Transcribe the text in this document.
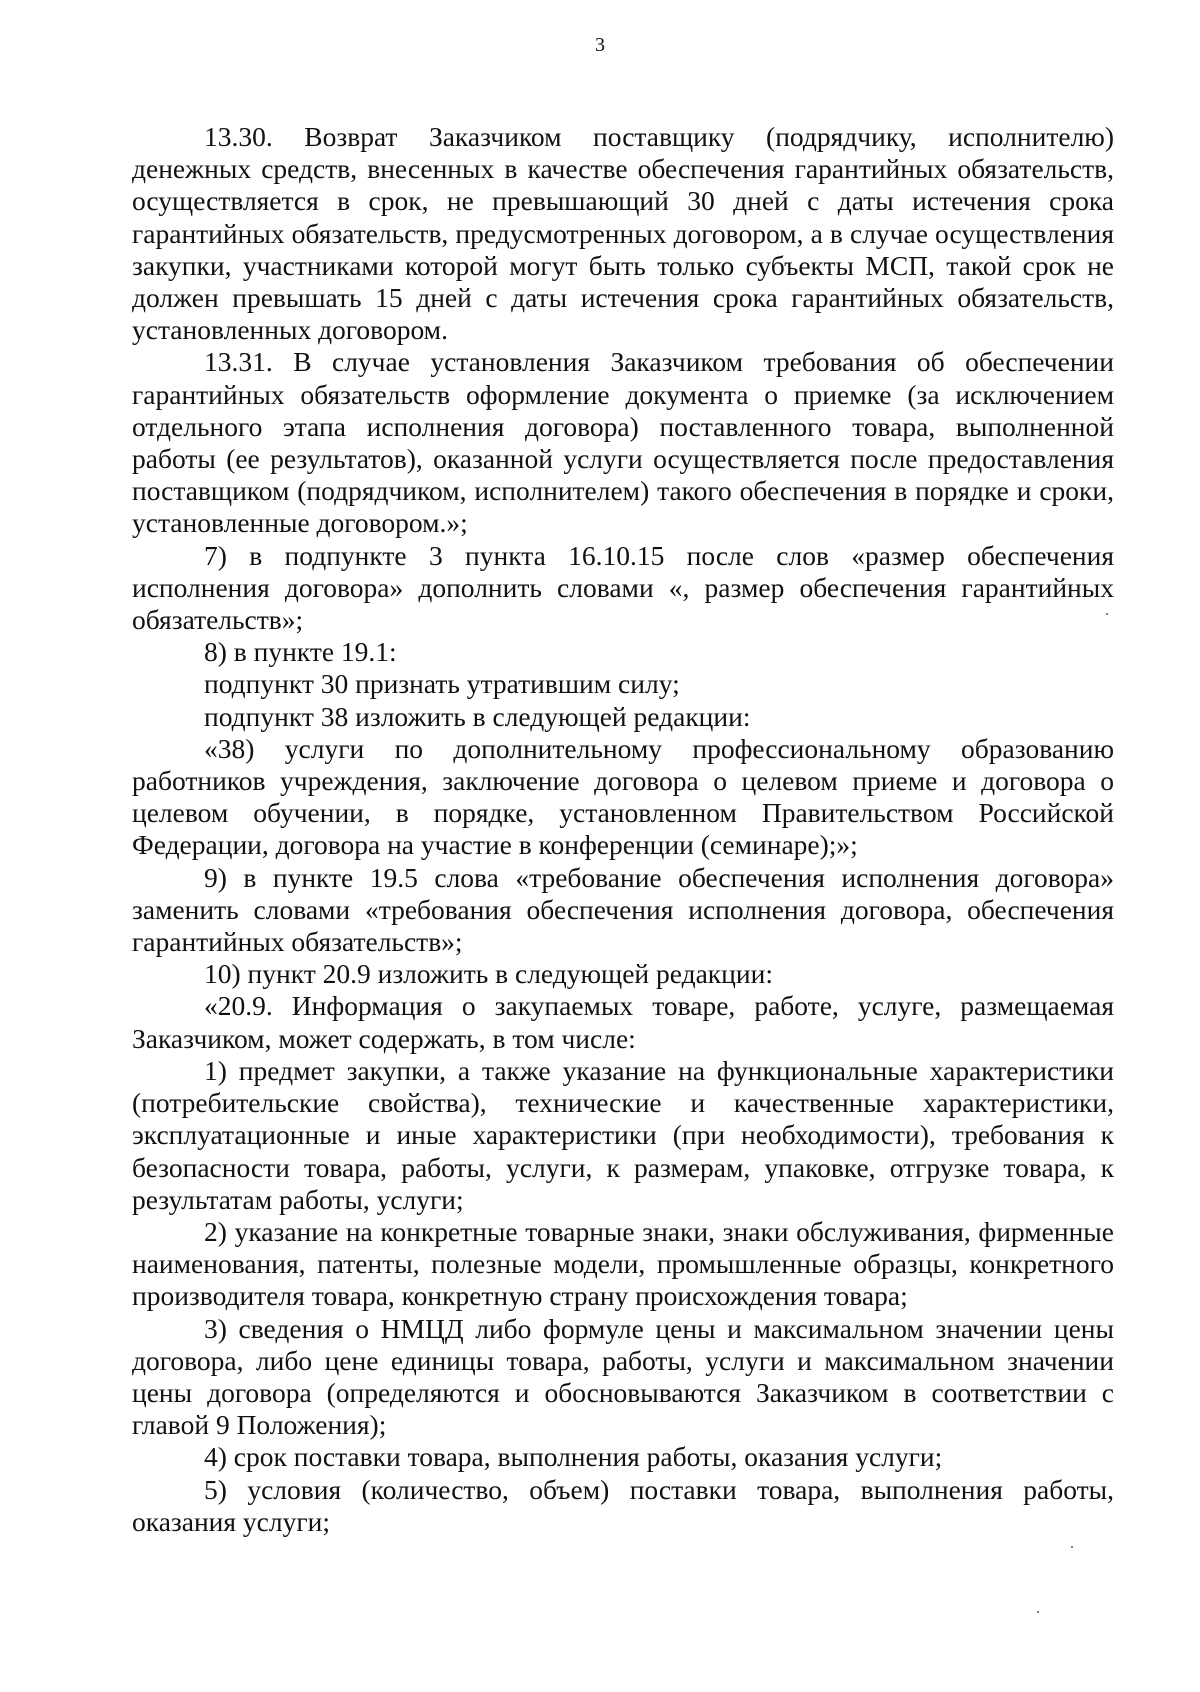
3

13.30. Возврат Заказчиком поставщику (подрядчику, исполнителю) денежных средств, внесенных в качестве обеспечения гарантийных обязательств, осуществляется в срок, не превышающий 30 дней с даты истечения срока гарантийных обязательств, предусмотренных договором, а в случае осуществления закупки, участниками которой могут быть только субъекты МСП, такой срок не должен превышать 15 дней с даты истечения срока гарантийных обязательств, установленных договором.

13.31. В случае установления Заказчиком требования об обеспечении гарантийных обязательств оформление документа о приемке (за исключением отдельного этапа исполнения договора) поставленного товара, выполненной работы (ее результатов), оказанной услуги осуществляется после предоставления поставщиком (подрядчиком, исполнителем) такого обеспечения в порядке и сроки, установленные договором.»;

7) в подпункте 3 пункта 16.10.15 после слов «размер обеспечения исполнения договора» дополнить словами «, размер обеспечения гарантийных обязательств»;

8) в пункте 19.1:

подпункт 30 признать утратившим силу;

подпункт 38 изложить в следующей редакции:

«38) услуги по дополнительному профессиональному образованию работников учреждения, заключение договора о целевом приеме и договора о целевом обучении, в порядке, установленном Правительством Российской Федерации, договора на участие в конференции (семинаре);»;

9) в пункте 19.5 слова «требование обеспечения исполнения договора» заменить словами «требования обеспечения исполнения договора, обеспечения гарантийных обязательств»;

10) пункт 20.9 изложить в следующей редакции:

«20.9. Информация о закупаемых товаре, работе, услуге, размещаемая Заказчиком, может содержать, в том числе:

1) предмет закупки, а также указание на функциональные характеристики (потребительские свойства), технические и качественные характеристики, эксплуатационные и иные характеристики (при необходимости), требования к безопасности товара, работы, услуги, к размерам, упаковке, отгрузке товара, к результатам работы, услуги;

2) указание на конкретные товарные знаки, знаки обслуживания, фирменные наименования, патенты, полезные модели, промышленные образцы, конкретного производителя товара, конкретную страну происхождения товара;

3) сведения о НМЦД либо формуле цены и максимальном значении цены договора, либо цене единицы товара, работы, услуги и максимальном значении цены договора (определяются и обосновываются Заказчиком в соответствии с главой 9 Положения);

4) срок поставки товара, выполнения работы, оказания услуги;

5) условия (количество, объем) поставки товара, выполнения работы, оказания услуги;
